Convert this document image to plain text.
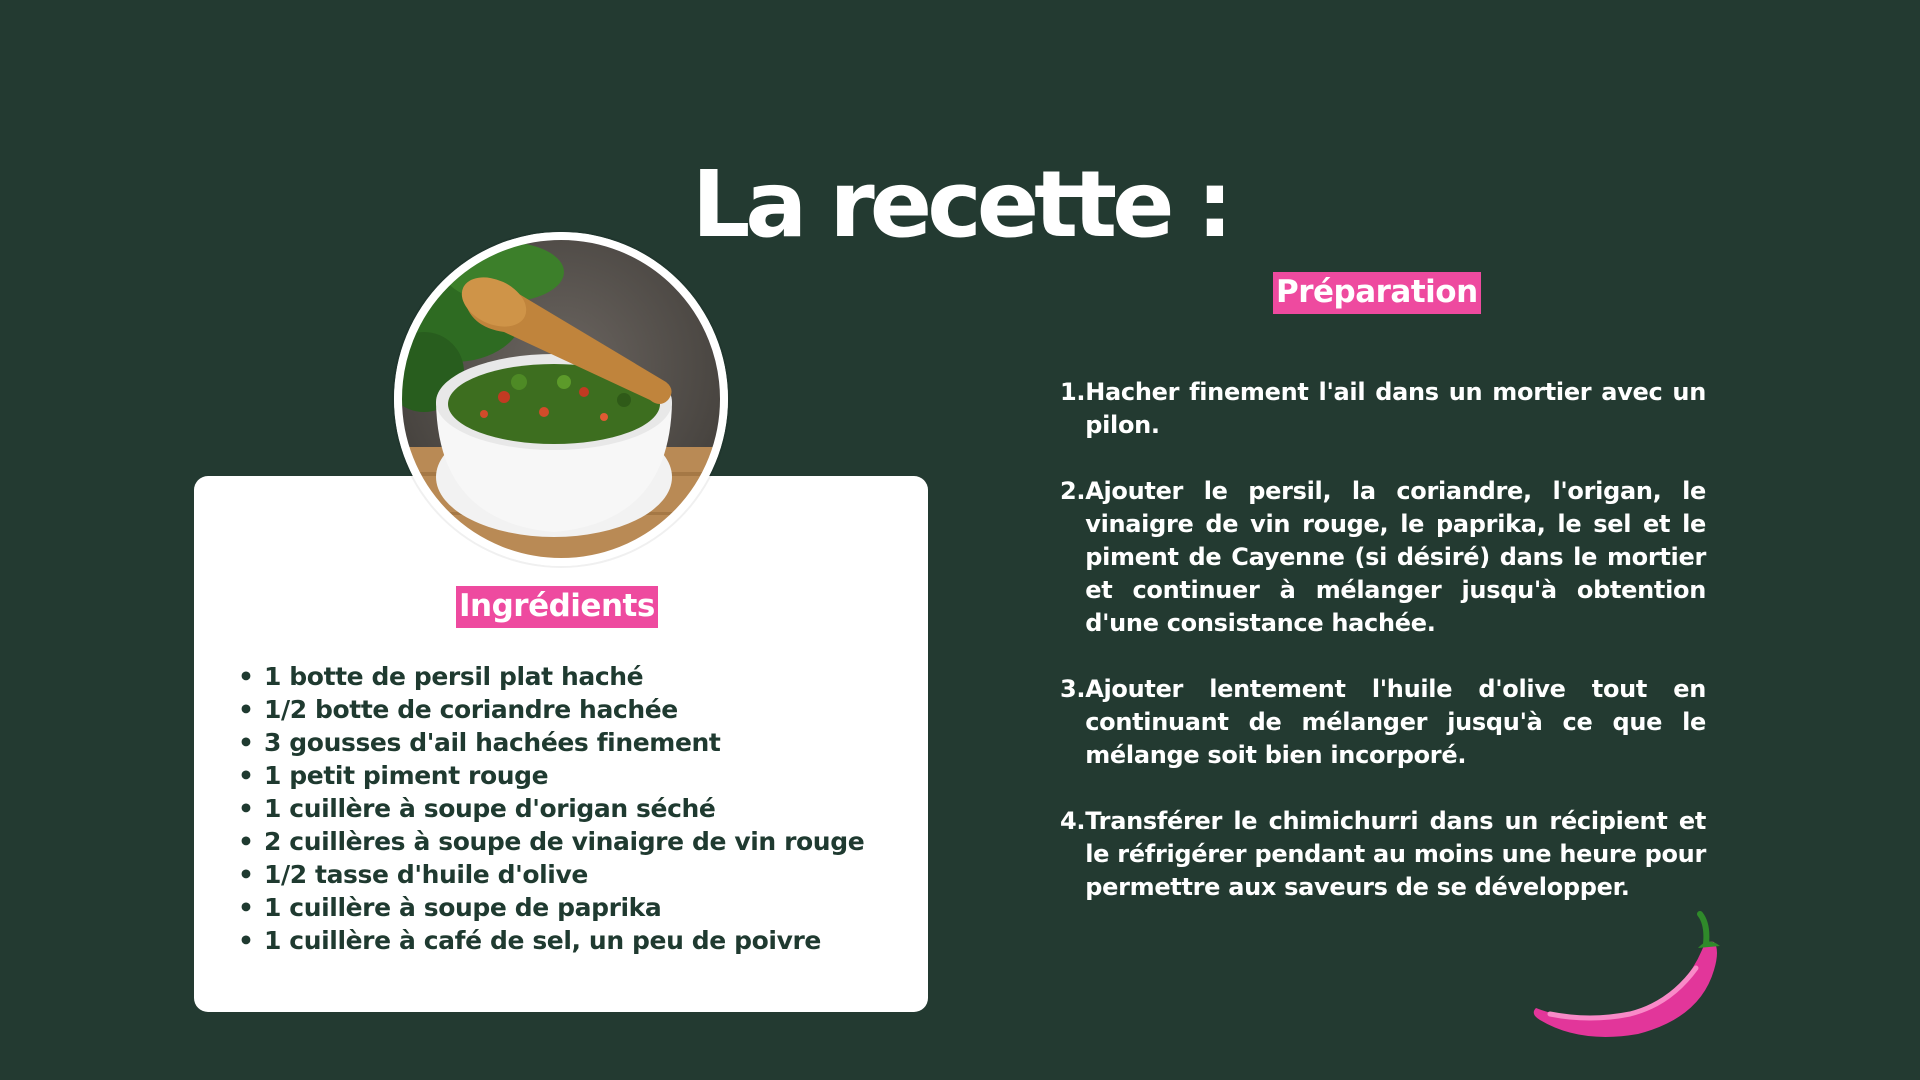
La recette :
Ingrédients
• 1 botte de persil plat haché
• 1/2 botte de coriandre hachée
• 3 gousses d'ail hachées finement
• 1 petit piment rouge
• 1 cuillère à soupe d'origan séché
• 2 cuillères à soupe de vinaigre de vin rouge
• 1/2 tasse d'huile d'olive
• 1 cuillère à soupe de paprika
• 1 cuillère à café de sel, un peu de poivre
Préparation
1. Hacher finement l'ail dans un mortier avec un pilon.
2. Ajouter le persil, la coriandre, l'origan, le vinaigre de vin rouge, le paprika, le sel et le piment de Cayenne (si désiré) dans le mortier et continuer à mélanger jusqu'à obtention d'une consistance hachée.
3. Ajouter lentement l'huile d'olive tout en continuant de mélanger jusqu'à ce que le mélange soit bien incorporé.
4. Transférer le chimichurri dans un récipient et le réfrigérer pendant au moins une heure pour permettre aux saveurs de se développer.
